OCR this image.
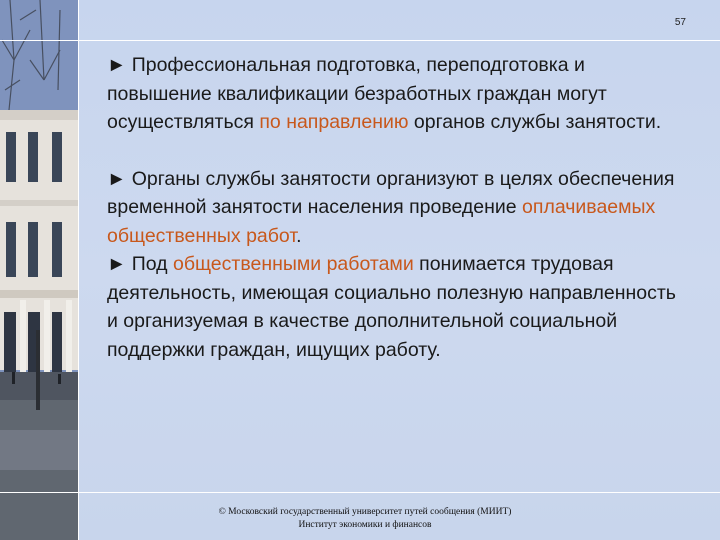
57

► Профессиональная подготовка, переподготовка и повышение квалификации безработных граждан могут осуществляться по направлению органов службы занятости.

► Органы службы занятости организуют в целях обеспечения временной занятости населения проведение оплачиваемых общественных работ.

► Под общественными работами понимается трудовая деятельность, имеющая социально полезную направленность и организуемая в качестве дополнительной социальной поддержки граждан, ищущих работу.

© Московский государственный университет путей сообщения (МИИТ)
Институт экономики и финансов
